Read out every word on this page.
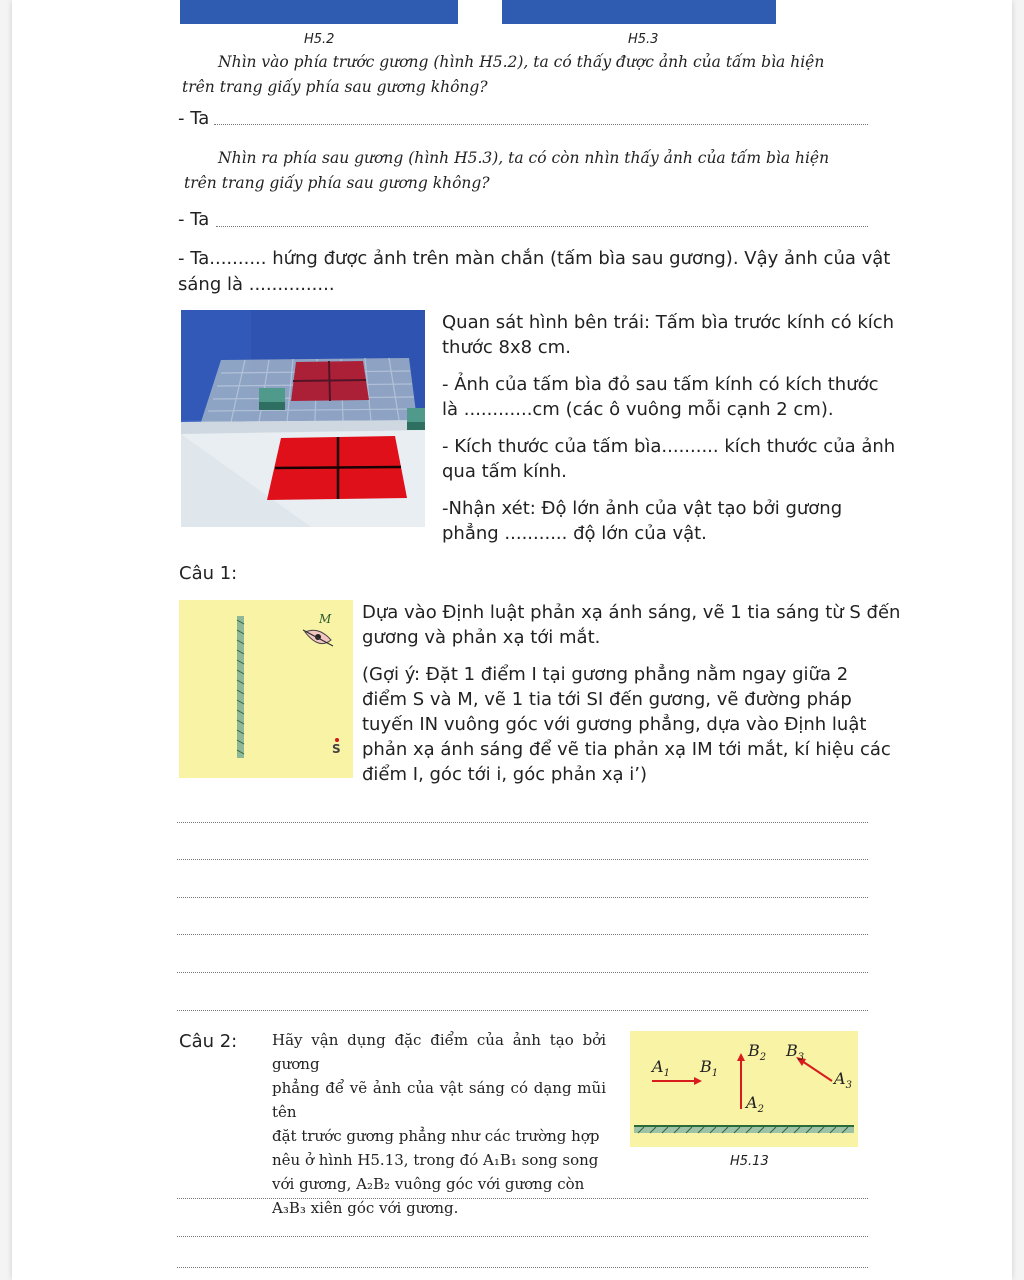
H5.2	H5.3

Nhìn vào phía trước gương (hình H5.2), ta có thấy được ảnh của tấm bìa hiện

trên trang giấy phía sau gương không?

- Ta

Nhìn ra phía sau gương (hình H5.3), ta có còn nhìn thấy ảnh của tấm bìa hiện

trên trang giấy phía sau gương không?

- Ta

- Ta.......... hứng được ảnh trên màn chắn (tấm bìa sau gương). Vậy ảnh của vật

sáng là ...............

Quan sát hình bên trái: Tấm bìa trước kính có kích

thước 8x8 cm.

- Ảnh của tấm bìa đỏ sau tấm kính có kích thước

là ............cm (các ô vuông mỗi cạnh 2 cm).

- Kích thước của tấm bìa.......... kích thước của ảnh

qua tấm kính.

-Nhận xét: Độ lớn ảnh của vật tạo bởi gương

phẳng ........... độ lớn của vật.

Câu 1:
M
S

Dựa vào Định luật phản xạ ánh sáng, vẽ 1 tia sáng từ S đến

gương và phản xạ tới mắt.

(Gợi ý: Đặt 1 điểm I tại gương phẳng nằm ngay giữa 2

điểm S và M, vẽ 1 tia tới SI đến gương, vẽ đường pháp

tuyến IN vuông góc với gương phẳng, dựa vào Định luật

phản xạ ánh sáng để vẽ tia phản xạ IM tới mắt, kí hiệu các

điểm I, góc tới i, góc phản xạ i’)

Câu 2: Hãy vận dụng đặc điểm của ảnh tạo bởi gương

phẳng để vẽ ảnh của vật sáng có dạng mũi tên

đặt trước gương phẳng như các trường hợp

nêu ở hình H5.13, trong đó A₁B₁ song song

với gương, A₂B₂ vuông góc với gương còn

A₃B₃ xiên góc với gương.

$A_1$ $B_1$
$B_2$ $B_3$
$A_2$
$A_3$
H5.13
